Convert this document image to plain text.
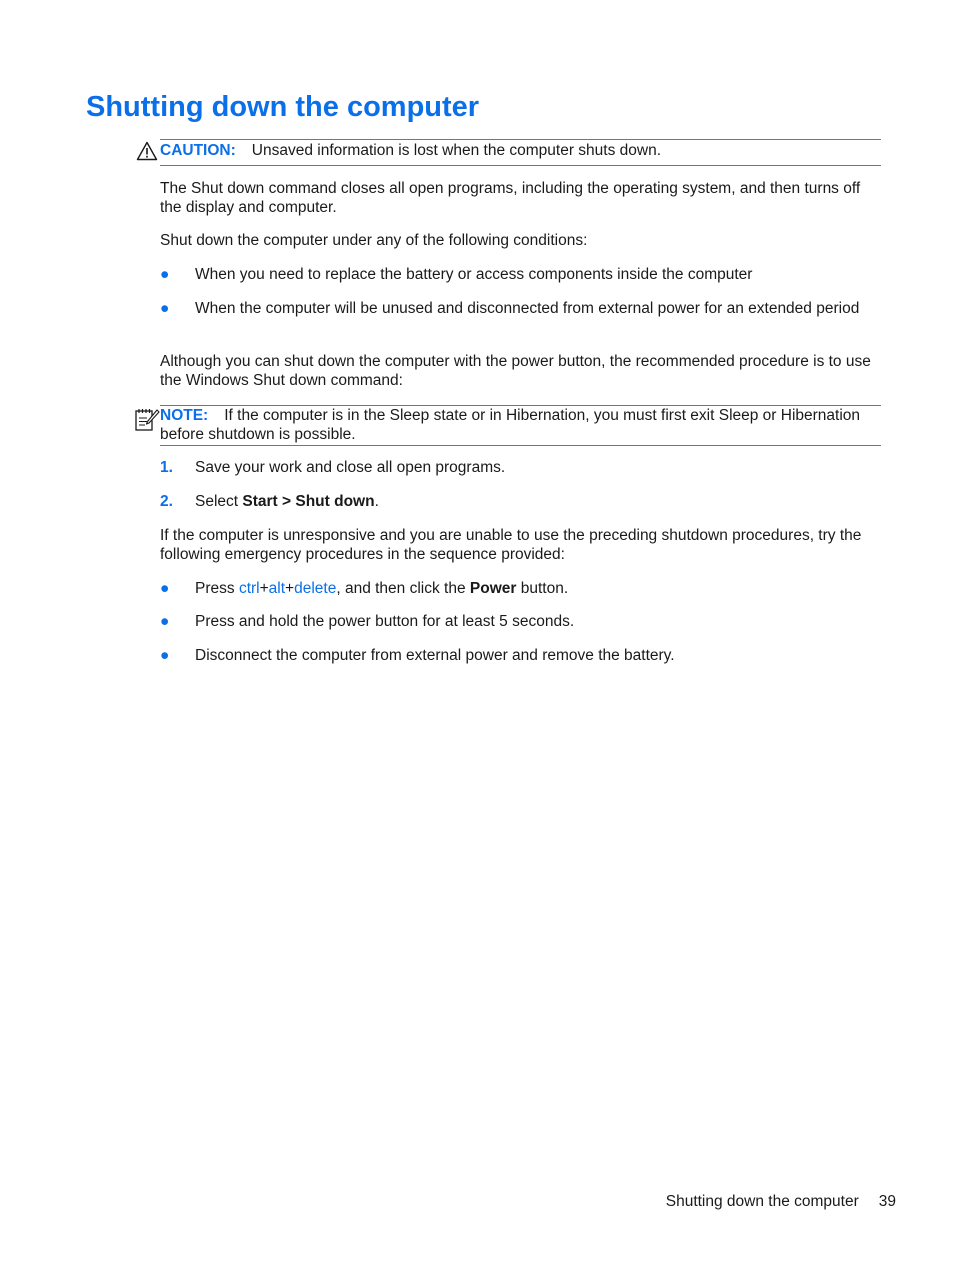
Shutting down the computer

CAUTION: Unsaved information is lost when the computer shuts down.

The Shut down command closes all open programs, including the operating system, and then turns off the display and computer.

Shut down the computer under any of the following conditions:

● When you need to replace the battery or access components inside the computer

● When the computer will be unused and disconnected from external power for an extended period

Although you can shut down the computer with the power button, the recommended procedure is to use the Windows Shut down command:

NOTE: If the computer is in the Sleep state or in Hibernation, you must first exit Sleep or Hibernation before shutdown is possible.

1. Save your work and close all open programs.

2. Select Start > Shut down.

If the computer is unresponsive and you are unable to use the preceding shutdown procedures, try the following emergency procedures in the sequence provided:

● Press ctrl+alt+delete, and then click the Power button.

● Press and hold the power button for at least 5 seconds.

● Disconnect the computer from external power and remove the battery.

Shutting down the computer 39
